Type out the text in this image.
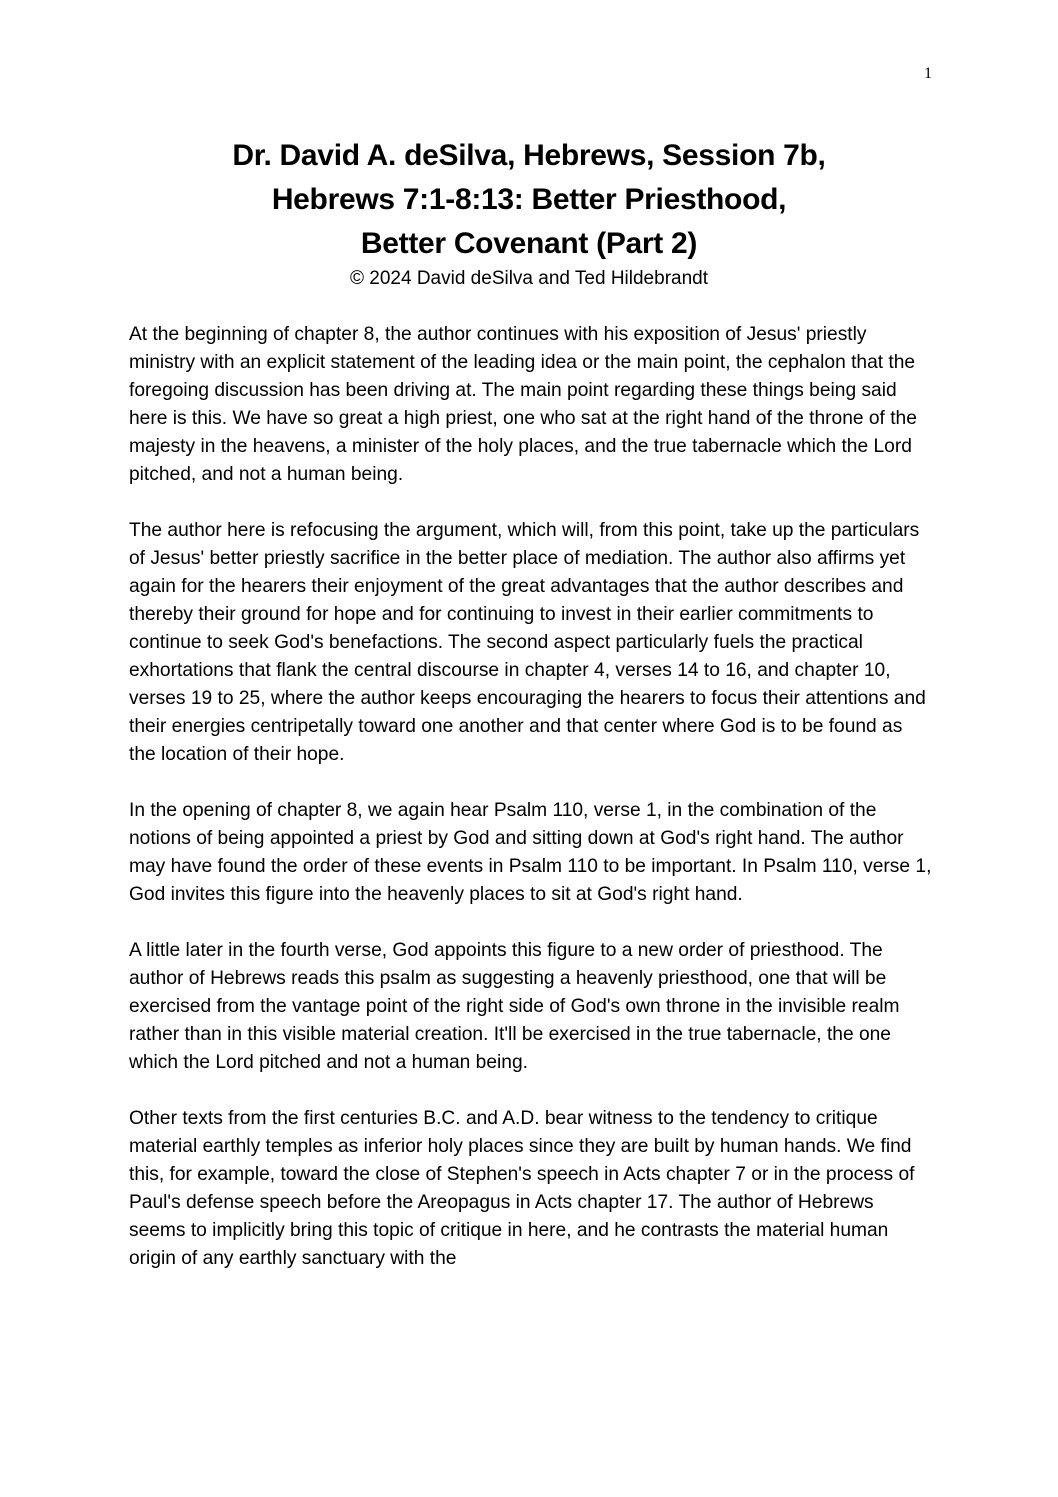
1
Dr. David A. deSilva, Hebrews, Session 7b,
Hebrews 7:1-8:13: Better Priesthood,
Better Covenant (Part 2)
© 2024 David deSilva and Ted Hildebrandt

At the beginning of chapter 8, the author continues with his exposition of Jesus' priestly ministry with an explicit statement of the leading idea or the main point, the cephalon that the foregoing discussion has been driving at. The main point regarding these things being said here is this. We have so great a high priest, one who sat at the right hand of the throne of the majesty in the heavens, a minister of the holy places, and the true tabernacle which the Lord pitched, and not a human being.

The author here is refocusing the argument, which will, from this point, take up the particulars of Jesus' better priestly sacrifice in the better place of mediation. The author also affirms yet again for the hearers their enjoyment of the great advantages that the author describes and thereby their ground for hope and for continuing to invest in their earlier commitments to continue to seek God's benefactions. The second aspect particularly fuels the practical exhortations that flank the central discourse in chapter 4, verses 14 to 16, and chapter 10, verses 19 to 25, where the author keeps encouraging the hearers to focus their attentions and their energies centripetally toward one another and that center where God is to be found as the location of their hope.

In the opening of chapter 8, we again hear Psalm 110, verse 1, in the combination of the notions of being appointed a priest by God and sitting down at God's right hand. The author may have found the order of these events in Psalm 110 to be important. In Psalm 110, verse 1, God invites this figure into the heavenly places to sit at God's right hand.

A little later in the fourth verse, God appoints this figure to a new order of priesthood. The author of Hebrews reads this psalm as suggesting a heavenly priesthood, one that will be exercised from the vantage point of the right side of God's own throne in the invisible realm rather than in this visible material creation. It'll be exercised in the true tabernacle, the one which the Lord pitched and not a human being.

Other texts from the first centuries B.C. and A.D. bear witness to the tendency to critique material earthly temples as inferior holy places since they are built by human hands. We find this, for example, toward the close of Stephen's speech in Acts chapter 7 or in the process of Paul's defense speech before the Areopagus in Acts chapter 17. The author of Hebrews seems to implicitly bring this topic of critique in here, and he contrasts the material human origin of any earthly sanctuary with the
